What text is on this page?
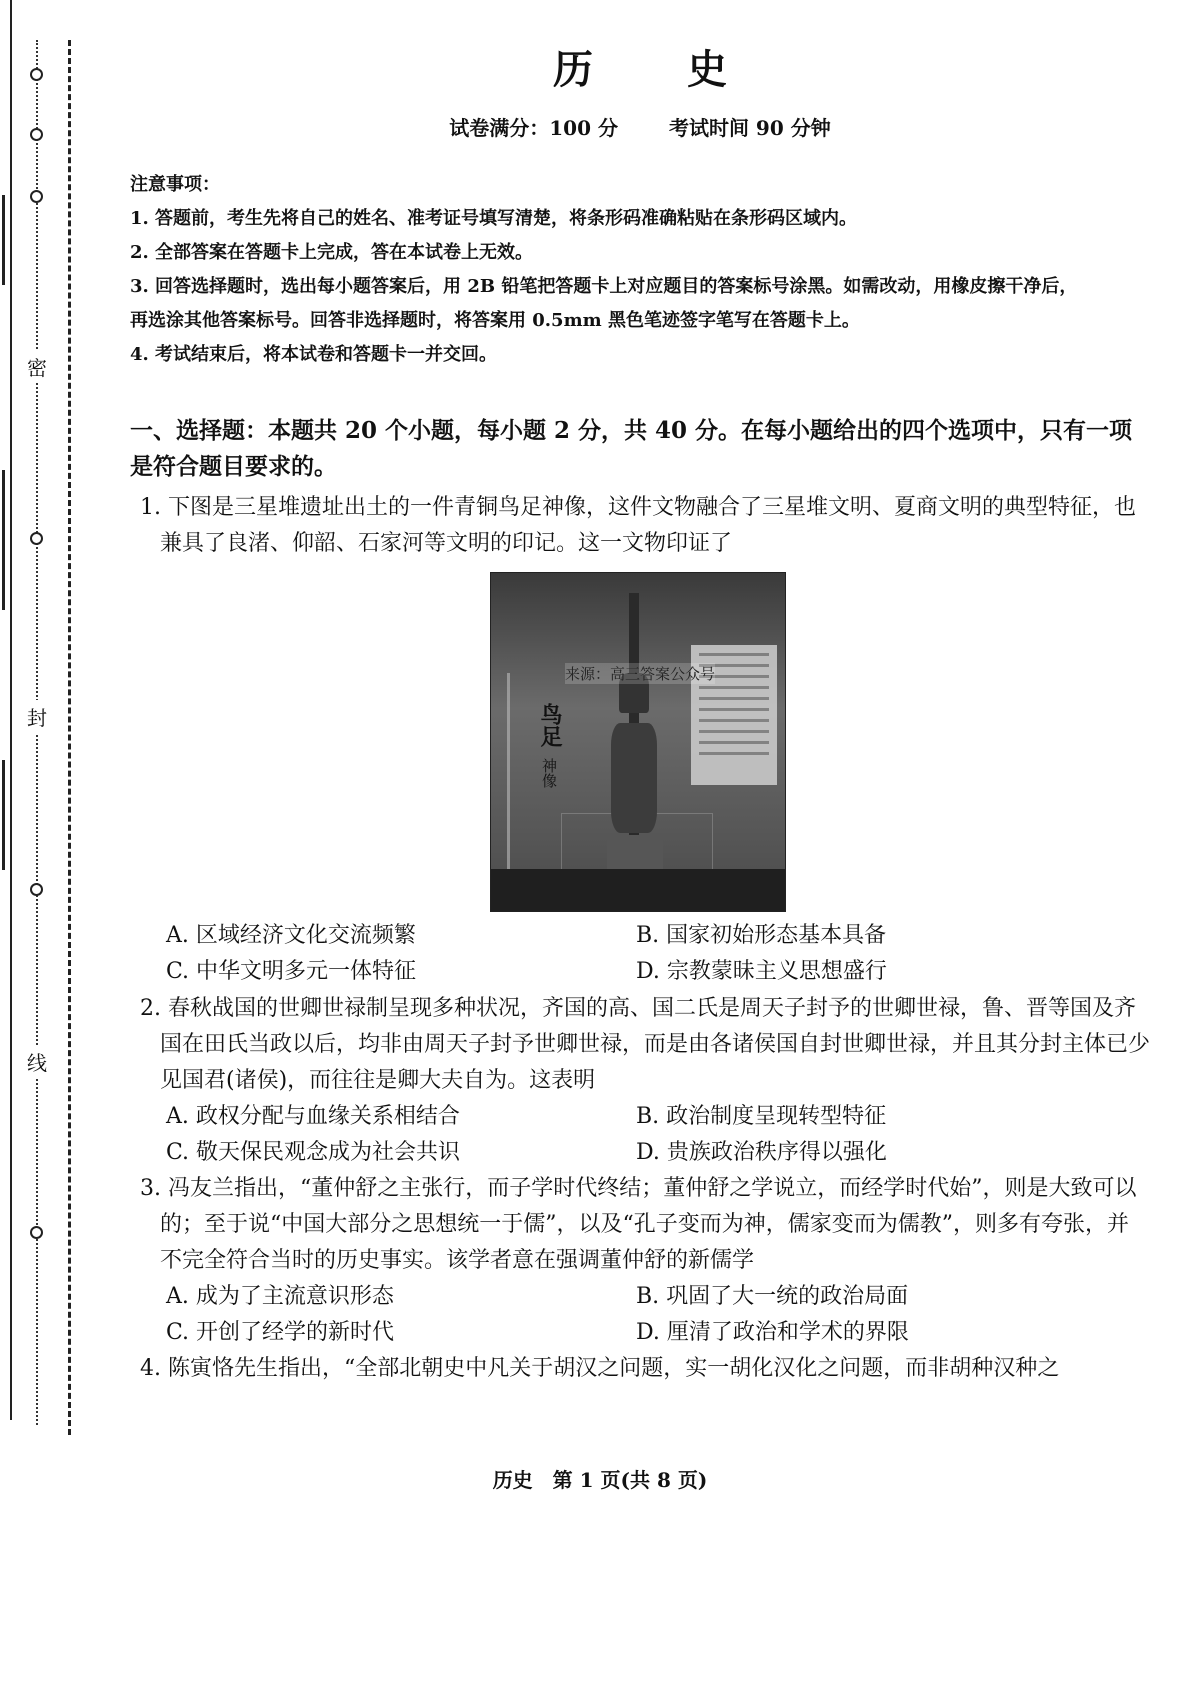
密
封
线
历 史
试卷满分：100 分	考试时间 90 分钟

注意事项：

1. 答题前，考生先将自己的姓名、准考证号填写清楚，将条形码准确粘贴在条形码区域内。

2. 全部答案在答题卡上完成，答在本试卷上无效。

3. 回答选择题时，选出每小题答案后，用 2B 铅笔把答题卡上对应题目的答案标号涂黑。如需改动，用橡皮擦干净后，

再选涂其他答案标号。回答非选择题时，将答案用 0.5mm 黑色笔迹签字笔写在答题卡上。

4. 考试结束后，将本试卷和答题卡一并交回。

一、选择题：本题共 20 个小题，每小题 2 分，共 40 分。在每小题给出的四个选项中，只有一项
是符合题目要求的。

1. 下图是三星堆遗址出土的一件青铜鸟足神像，这件文物融合了三星堆文明、夏商文明的典型特征，也兼具了良渚、仰韶、石家河等文明的印记。这一文物印证了

A. 区域经济文化交流频繁	B. 国家初始形态基本具备
C. 中华文明多元一体特征	D. 宗教蒙昧主义思想盛行

2. 春秋战国的世卿世禄制呈现多种状况，齐国的高、国二氏是周天子封予的世卿世禄，鲁、晋等国及齐国在田氏当政以后，均非由周天子封予世卿世禄，而是由各诸侯国自封世卿世禄，并且其分封主体已少见国君(诸侯)，而往往是卿大夫自为。这表明

A. 政权分配与血缘关系相结合	B. 政治制度呈现转型特征
C. 敬天保民观念成为社会共识	D. 贵族政治秩序得以强化

3. 冯友兰指出，“董仲舒之主张行，而子学时代终结；董仲舒之学说立，而经学时代始”，则是大致可以的；至于说“中国大部分之思想统一于儒”，以及“孔子变而为神，儒家变而为儒教”，则多有夸张，并不完全符合当时的历史事实。该学者意在强调董仲舒的新儒学

A. 成为了主流意识形态	B. 巩固了大一统的政治局面
C. 开创了经学的新时代	D. 厘清了政治和学术的界限

4. 陈寅恪先生指出，“全部北朝史中凡关于胡汉之问题，实一胡化汉化之问题，而非胡种汉种之

鸟足
神像
来源：高三答案公众号
历史　第 1 页(共 8 页)
